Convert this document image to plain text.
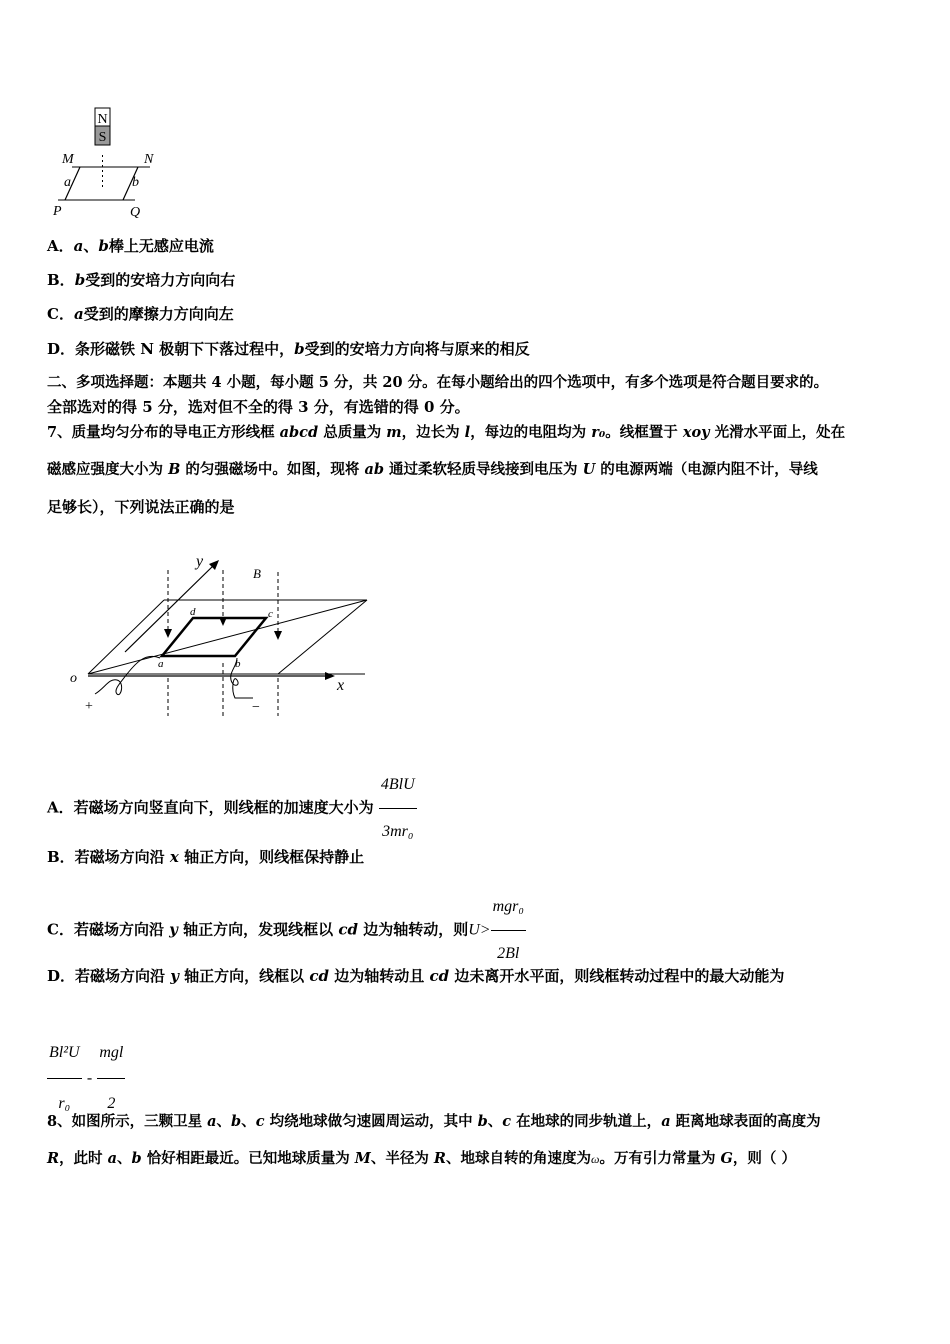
N
S
M	N
a	b
P	Q
A．a、b棒上无感应电流
B．b受到的安培力方向向右
C．a受到的摩擦力方向向左
D．条形磁铁 N 极朝下下落过程中，b受到的安培力方向将与原来的相反
二、多项选择题：本题共 4 小题，每小题 5 分，共 20 分。在每小题给出的四个选项中，有多个选项是符合题目要求的。
全部选对的得 5 分，选对但不全的得 3 分，有选错的得 0 分。
7、质量均匀分布的导电正方形线框 abcd 总质量为 m，边长为 l，每边的电阻均为 r₀。线框置于 xoy 光滑水平面上，处在
磁感应强度大小为 B 的匀强磁场中。如图，现将 ab 通过柔软轻质导线接到电压为 U 的电源两端（电源内阻不计，导线
足够长），下列说法正确的是
y
B
x
o
a	b
c
d
+	−
A．若磁场方向竖直向下，则线框的加速度大小为 $\frac{\text{4BlU}}{\text{3mr₀}}$
B．若磁场方向沿 x 轴正方向，则线框保持静止
C．若磁场方向沿 y 轴正方向，发现线框以 cd 边为轴转动，则$U> \frac{\text{mgr₀}}{2Bl}$
D．若磁场方向沿 y 轴正方向，线框以 cd 边为轴转动且 cd 边未离开水平面，则线框转动过程中的最大动能为
$\frac{\text{Bl²U}}{\text{r₀}} - \frac{\text{mgl}}{2}$
8、如图所示，三颗卫星 a、b、c 均绕地球做匀速圆周运动，其中 b、c 在地球的同步轨道上，a 距离地球表面的高度为
R，此时 a、b 恰好相距最近。已知地球质量为 M、半径为 R、地球自转的角速度为ω。万有引力常量为 G，则（ ）
